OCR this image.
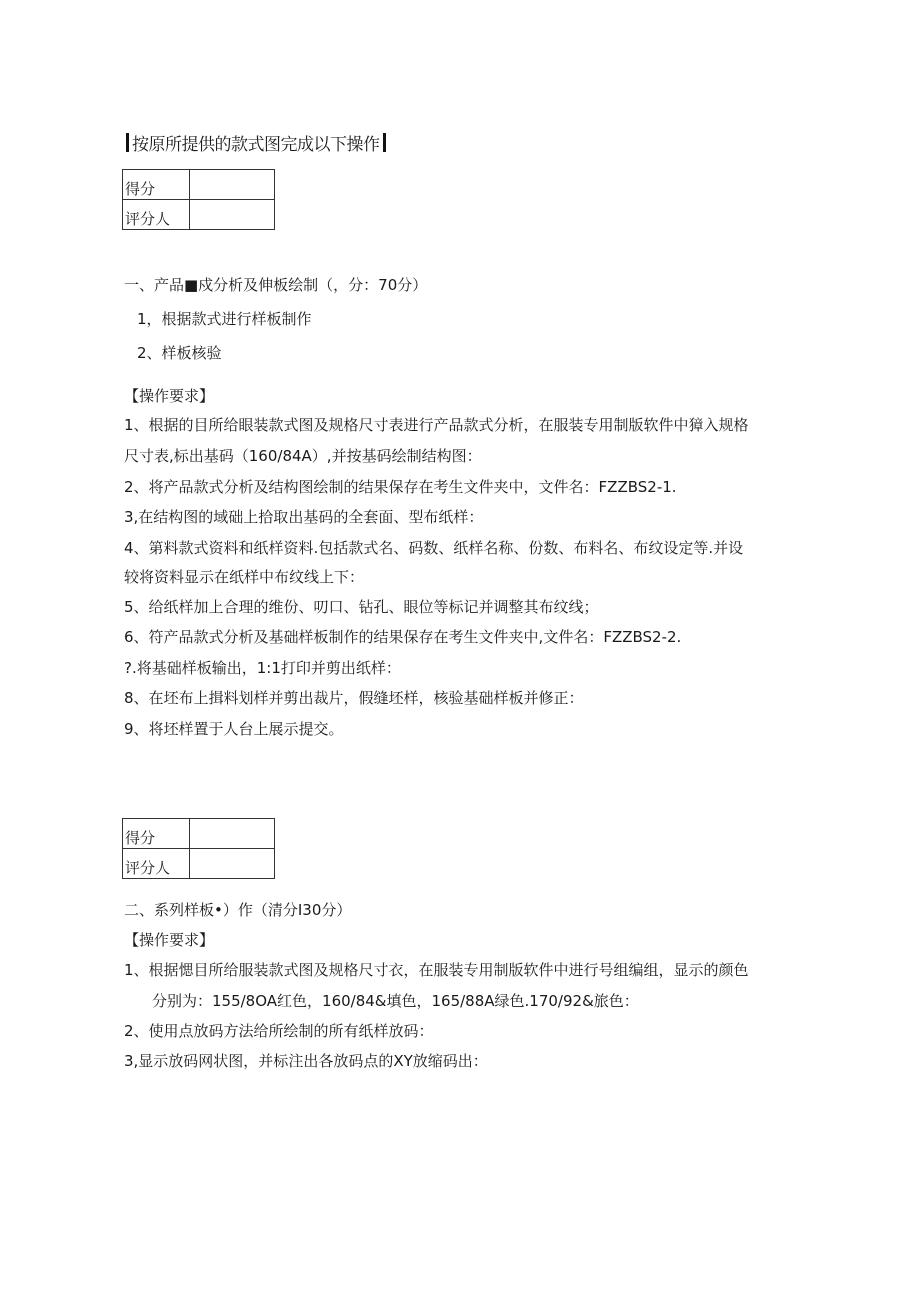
按原所提供的款式图完成以下操作
得分	
评分人	
一、产品■戍分析及伸板绘制（，分：70分）
1，根据款式进行样板制作
2、样板核验
【操作要求】
1、根据的目所给眼装款式图及规格尺寸表进行产品款式分析，在服装专用制版软件中獐入规格
尺寸表,标出基码（160/84A）,并按基码绘制结构图：
2、将产品款式分析及结构图绘制的结果保存在考生文件夹中，文件名：FZZBS2-1.
3,在结构图的域础上拾取出基码的全套面、型布纸样：
4、第料款式资料和纸样资料.包括款式名、码数、纸样名称、份数、布料名、布纹设定等.并设
较将资料显示在纸样中布纹线上下：
5、给纸样加上合理的维份、叨口、钻孔、眼位等标记并调整其布纹线；
6、符产品款式分析及基础样板制作的结果保存在考生文件夹中,文件名：FZZBS2-2.
?.将基础样板输出，1:1打印并剪出纸样：
8、在坯布上揖料划样并剪出裁片，假缝坯样，核验基础样板并修正：
9、将坯样置于人台上展示提交。
得分	
评分人	
二、系列样板•）作（清分I30分）
【操作要求】
1、根据愢目所给服装款式图及规格尺寸衣，在服装专用制版软件中进行号组编组，显示的颜色
分别为：155/8OA红色，160/84&填色，165/88A绿色.170/92&旅色：
2、使用点放码方法给所绘制的所有纸样放码：
3,显示放码网状图，并标注出各放码点的XY放缩码出：
